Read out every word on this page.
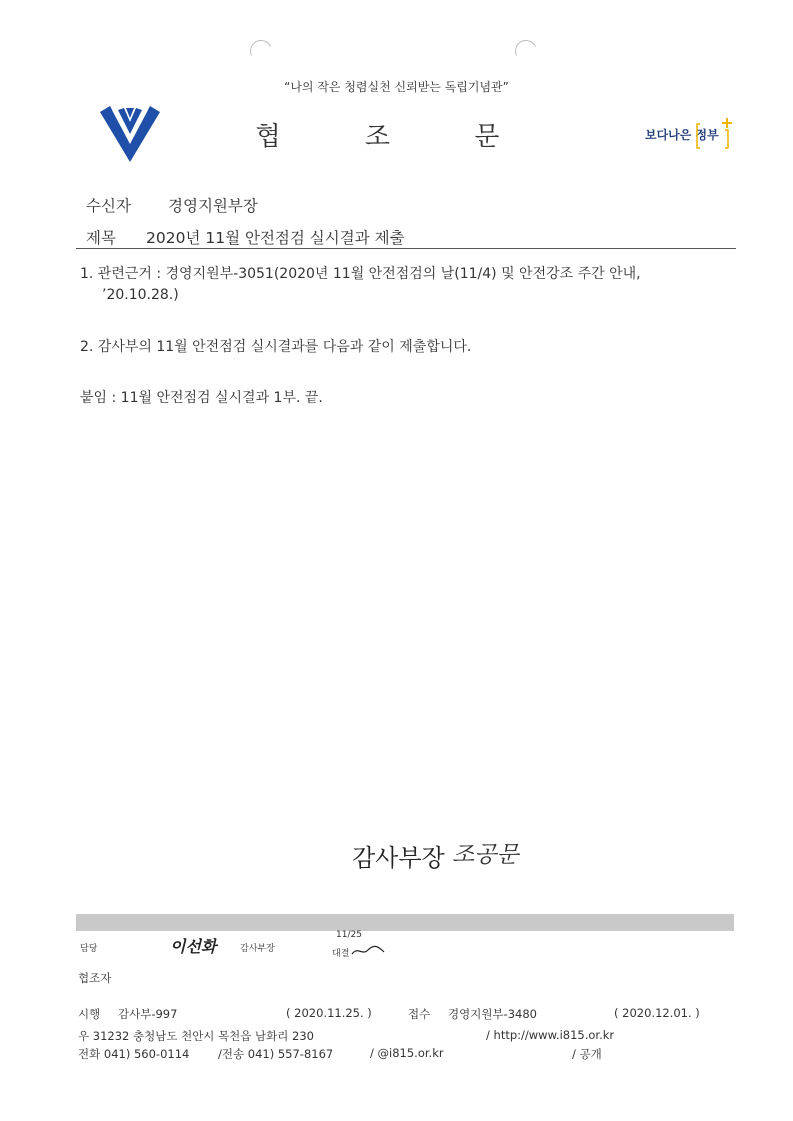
“나의 작은 청렴실천 신뢰받는 독립기념관”
협 조 문	보다나은 정부
수신자 경영지원부장
제목 2020년 11월 안전점검 실시결과 제출
1. 관련근거 : 경영지원부-3051(2020년 11월 안전점검의 날(11/4) 및 안전강조 주간 안내,
’20.10.28.)
2. 감사부의 11월 안전점검 실시결과를 다음과 같이 제출합니다.
붙임 : 11월 안전점검 실시결과 1부. 끝.
감사부장 조공문
담당	이선화	감사부장
11/25
대결
협조자
시행 감사부-997	( 2020.11.25. )	접수 경영지원부-3480	( 2020.12.01. )
우 31232 충청남도 천안시 목천읍 남화리 230	/ http://www.i815.or.kr
전화 041) 560-0114 /전송 041) 557-8167	/ @i815.or.kr	/ 공개
